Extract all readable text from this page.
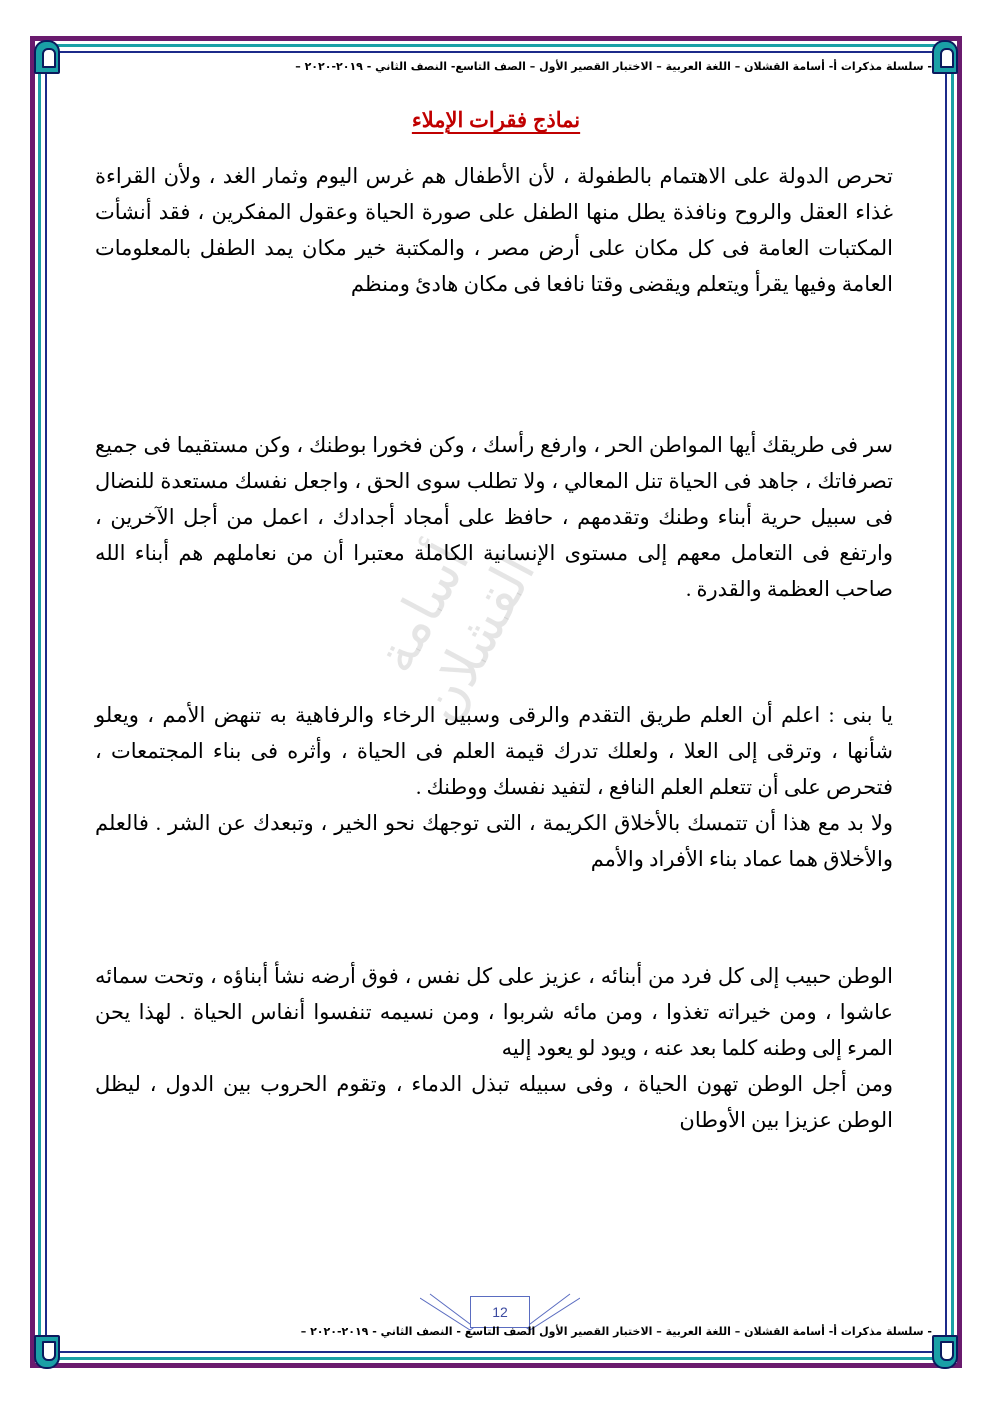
- سلسلة مذكرات أ- أسامة القشلان – اللغة العربية – الاختبار القصير الأول – الصف التاسع- النصف الثاني - ٢٠١٩-٢٠٢٠ –
نماذج فقرات الإملاء
أسامة القشلان

تحرص الدولة على الاهتمام بالطفولة ، لأن الأطفال هم غرس اليوم وثمار الغد ، ولأن القراءة غذاء العقل والروح ونافذة يطل منها الطفل على صورة الحياة وعقول المفكرين ، فقد أنشأت المكتبات العامة فى كل مكان على أرض مصر ، والمكتبة خير مكان يمد الطفل بالمعلومات العامة وفيها يقرأ ويتعلم ويقضى وقتا نافعا فى مكان هادئ ومنظم

سر فى طريقك أيها المواطن الحر ، وارفع رأسك ، وكن فخورا بوطنك ، وكن مستقيما فى جميع تصرفاتك ، جاهد فى الحياة تنل المعالي ، ولا تطلب سوى الحق ، واجعل نفسك مستعدة للنضال فى سبيل حرية أبناء وطنك وتقدمهم ، حافظ على أمجاد أجدادك ، اعمل من أجل الآخرين ، وارتفع فى التعامل معهم إلى مستوى الإنسانية الكاملة معتبرا أن من نعاملهم هم أبناء الله صاحب العظمة والقدرة .

يا بنى : اعلم أن العلم طريق التقدم والرقى وسبيل الرخاء والرفاهية به تنهض الأمم ، ويعلو شأنها ، وترقى إلى العلا ، ولعلك تدرك قيمة العلم فى الحياة ، وأثره فى بناء المجتمعات ، فتحرص على أن تتعلم العلم النافع ، لتفيد نفسك ووطنك .

ولا بد مع هذا أن تتمسك بالأخلاق الكريمة ، التى توجهك نحو الخير ، وتبعدك عن الشر . فالعلم والأخلاق هما عماد بناء الأفراد والأمم

الوطن حبيب إلى كل فرد من أبنائه ، عزيز على كل نفس ، فوق أرضه نشأ أبناؤه ، وتحت سمائه عاشوا ، ومن خيراته تغذوا ، ومن مائه شربوا ، ومن نسيمه تنفسوا أنفاس الحياة . لهذا يحن المرء إلى وطنه كلما بعد عنه ، ويود لو يعود إليه

ومن أجل الوطن تهون الحياة ، وفى سبيله تبذل الدماء ، وتقوم الحروب بين الدول ، ليظل الوطن عزيزا بين الأوطان

12
- سلسلة مذكرات أ- أسامة القشلان – اللغة العربية – الاختبار القصير الأول الصف التاسع - النصف الثاني - ٢٠١٩-٢٠٢٠ –
